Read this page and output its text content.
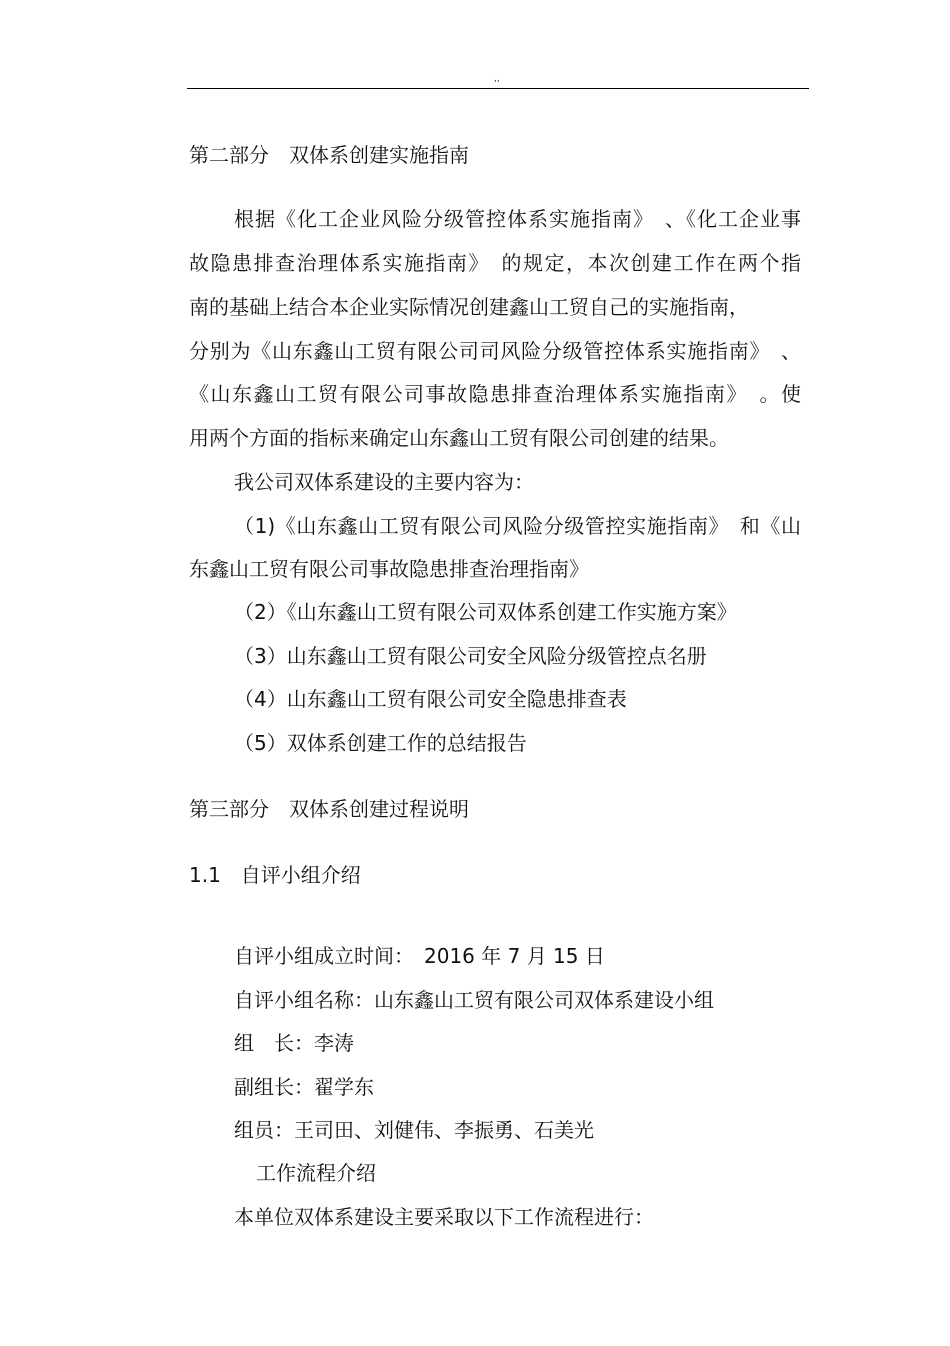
,,
第二部分　双体系创建实施指南
根据《化工企业风险分级管控体系实施指南》　、《化工企业事
故隐患排查治理体系实施指南》　的规定，本次创建工作在两个指
南的基础上结合本企业实际情况创建鑫山工贸自己的实施指南，
分别为《山东鑫山工贸有限公司司风险分级管控体系实施指南》　、
《山东鑫山工贸有限公司事故隐患排查治理体系实施指南》　。使
用两个方面的指标来确定山东鑫山工贸有限公司创建的结果。
我公司双体系建设的主要内容为：
（1)《山东鑫山工贸有限公司风险分级管控实施指南》　和《山
东鑫山工贸有限公司事故隐患排查治理指南》
（2）《山东鑫山工贸有限公司双体系创建工作实施方案》
（3）山东鑫山工贸有限公司安全风险分级管控点名册
（4）山东鑫山工贸有限公司安全隐患排查表
（5）双体系创建工作的总结报告
第三部分　双体系创建过程说明
1.1　自评小组介绍
自评小组成立时间：　2016 年 7 月 15 日
自评小组名称：山东鑫山工贸有限公司双体系建设小组
组　长：李涛
副组长：翟学东
组员：王司田、刘健伟、李振勇、石美光
工作流程介绍
本单位双体系建设主要采取以下工作流程进行：
